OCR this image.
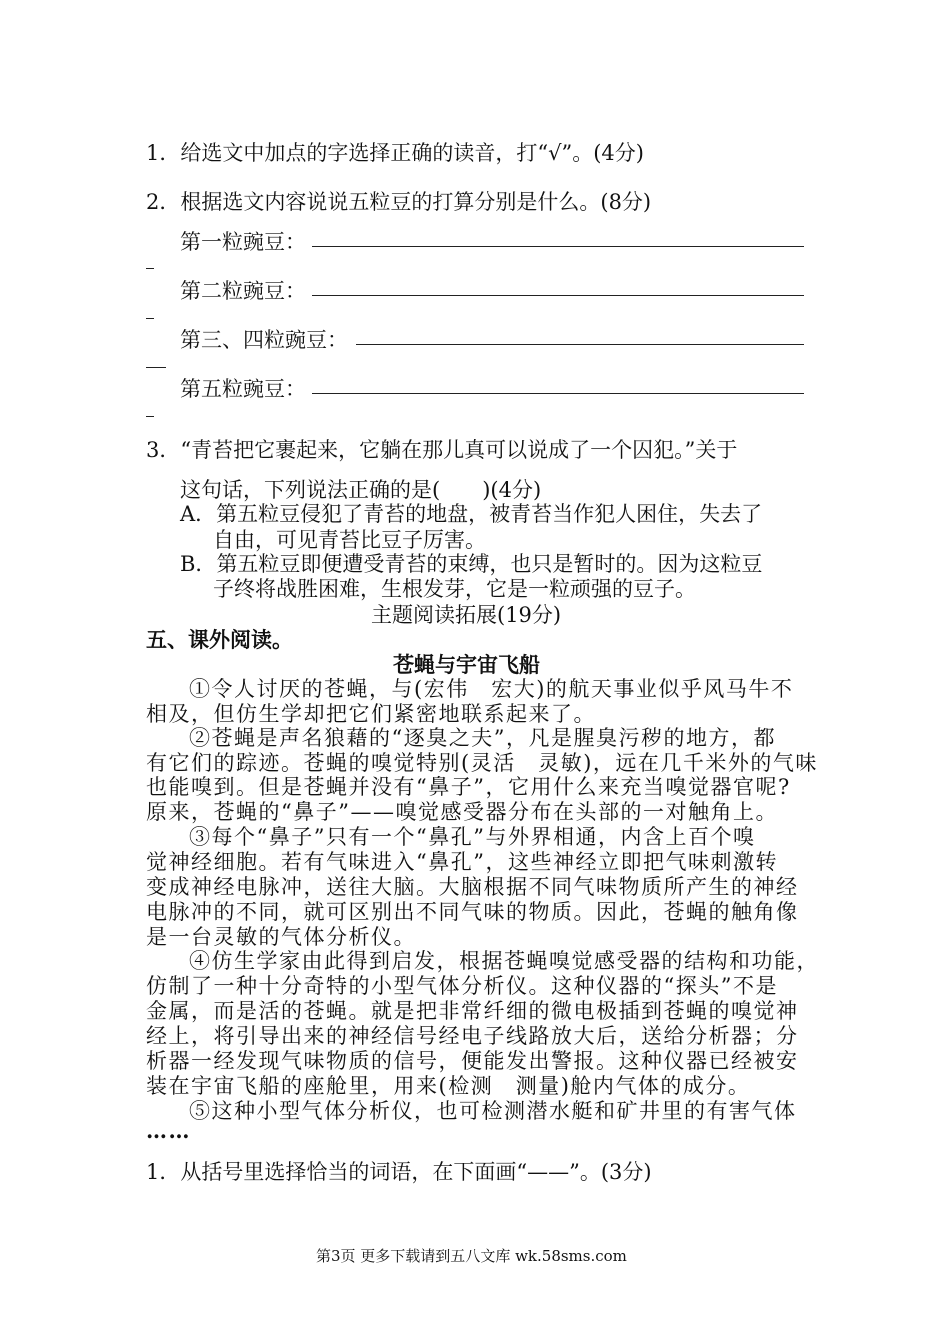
1．给选文中加点的字选择正确的读音，打“√”。(4分)
2．根据选文内容说说五粒豆的打算分别是什么。(8分)
第一粒豌豆：
第二粒豌豆：
第三、四粒豌豆：
第五粒豌豆：
3．“青苔把它裹起来，它躺在那儿真可以说成了一个囚犯。”关于
这句话，下列说法正确的是(　　)(4分)
A．第五粒豆侵犯了青苔的地盘，被青苔当作犯人困住，失去了
自由，可见青苔比豆子厉害。
B．第五粒豆即便遭受青苔的束缚，也只是暂时的。因为这粒豆
子终将战胜困难，生根发芽，它是一粒顽强的豆子。
主题阅读拓展(19分)
五、课外阅读。
苍蝇与宇宙飞船
①令人讨厌的苍蝇，与(宏伟　宏大)的航天事业似乎风马牛不
相及，但仿生学却把它们紧密地联系起来了。
②苍蝇是声名狼藉的“逐臭之夫”，凡是腥臭污秽的地方，都
有它们的踪迹。苍蝇的嗅觉特别(灵活　灵敏)，远在几千米外的气味
也能嗅到。但是苍蝇并没有“鼻子”，它用什么来充当嗅觉器官呢?
原来，苍蝇的“鼻子”——嗅觉感受器分布在头部的一对触角上。
③每个“鼻子”只有一个“鼻孔”与外界相通，内含上百个嗅
觉神经细胞。若有气味进入“鼻孔”，这些神经立即把气味刺激转
变成神经电脉冲，送往大脑。大脑根据不同气味物质所产生的神经
电脉冲的不同，就可区别出不同气味的物质。因此，苍蝇的触角像
是一台灵敏的气体分析仪。
④仿生学家由此得到启发，根据苍蝇嗅觉感受器的结构和功能，
仿制了一种十分奇特的小型气体分析仪。这种仪器的“探头”不是
金属，而是活的苍蝇。就是把非常纤细的微电极插到苍蝇的嗅觉神
经上，将引导出来的神经信号经电子线路放大后，送给分析器；分
析器一经发现气味物质的信号，便能发出警报。这种仪器已经被安
装在宇宙飞船的座舱里，用来(检测　测量)舱内气体的成分。
⑤这种小型气体分析仪，也可检测潜水艇和矿井里的有害气体
……
1．从括号里选择恰当的词语，在下面画“——”。(3分)
第3页 更多下载请到五八文库 wk.58sms.com
